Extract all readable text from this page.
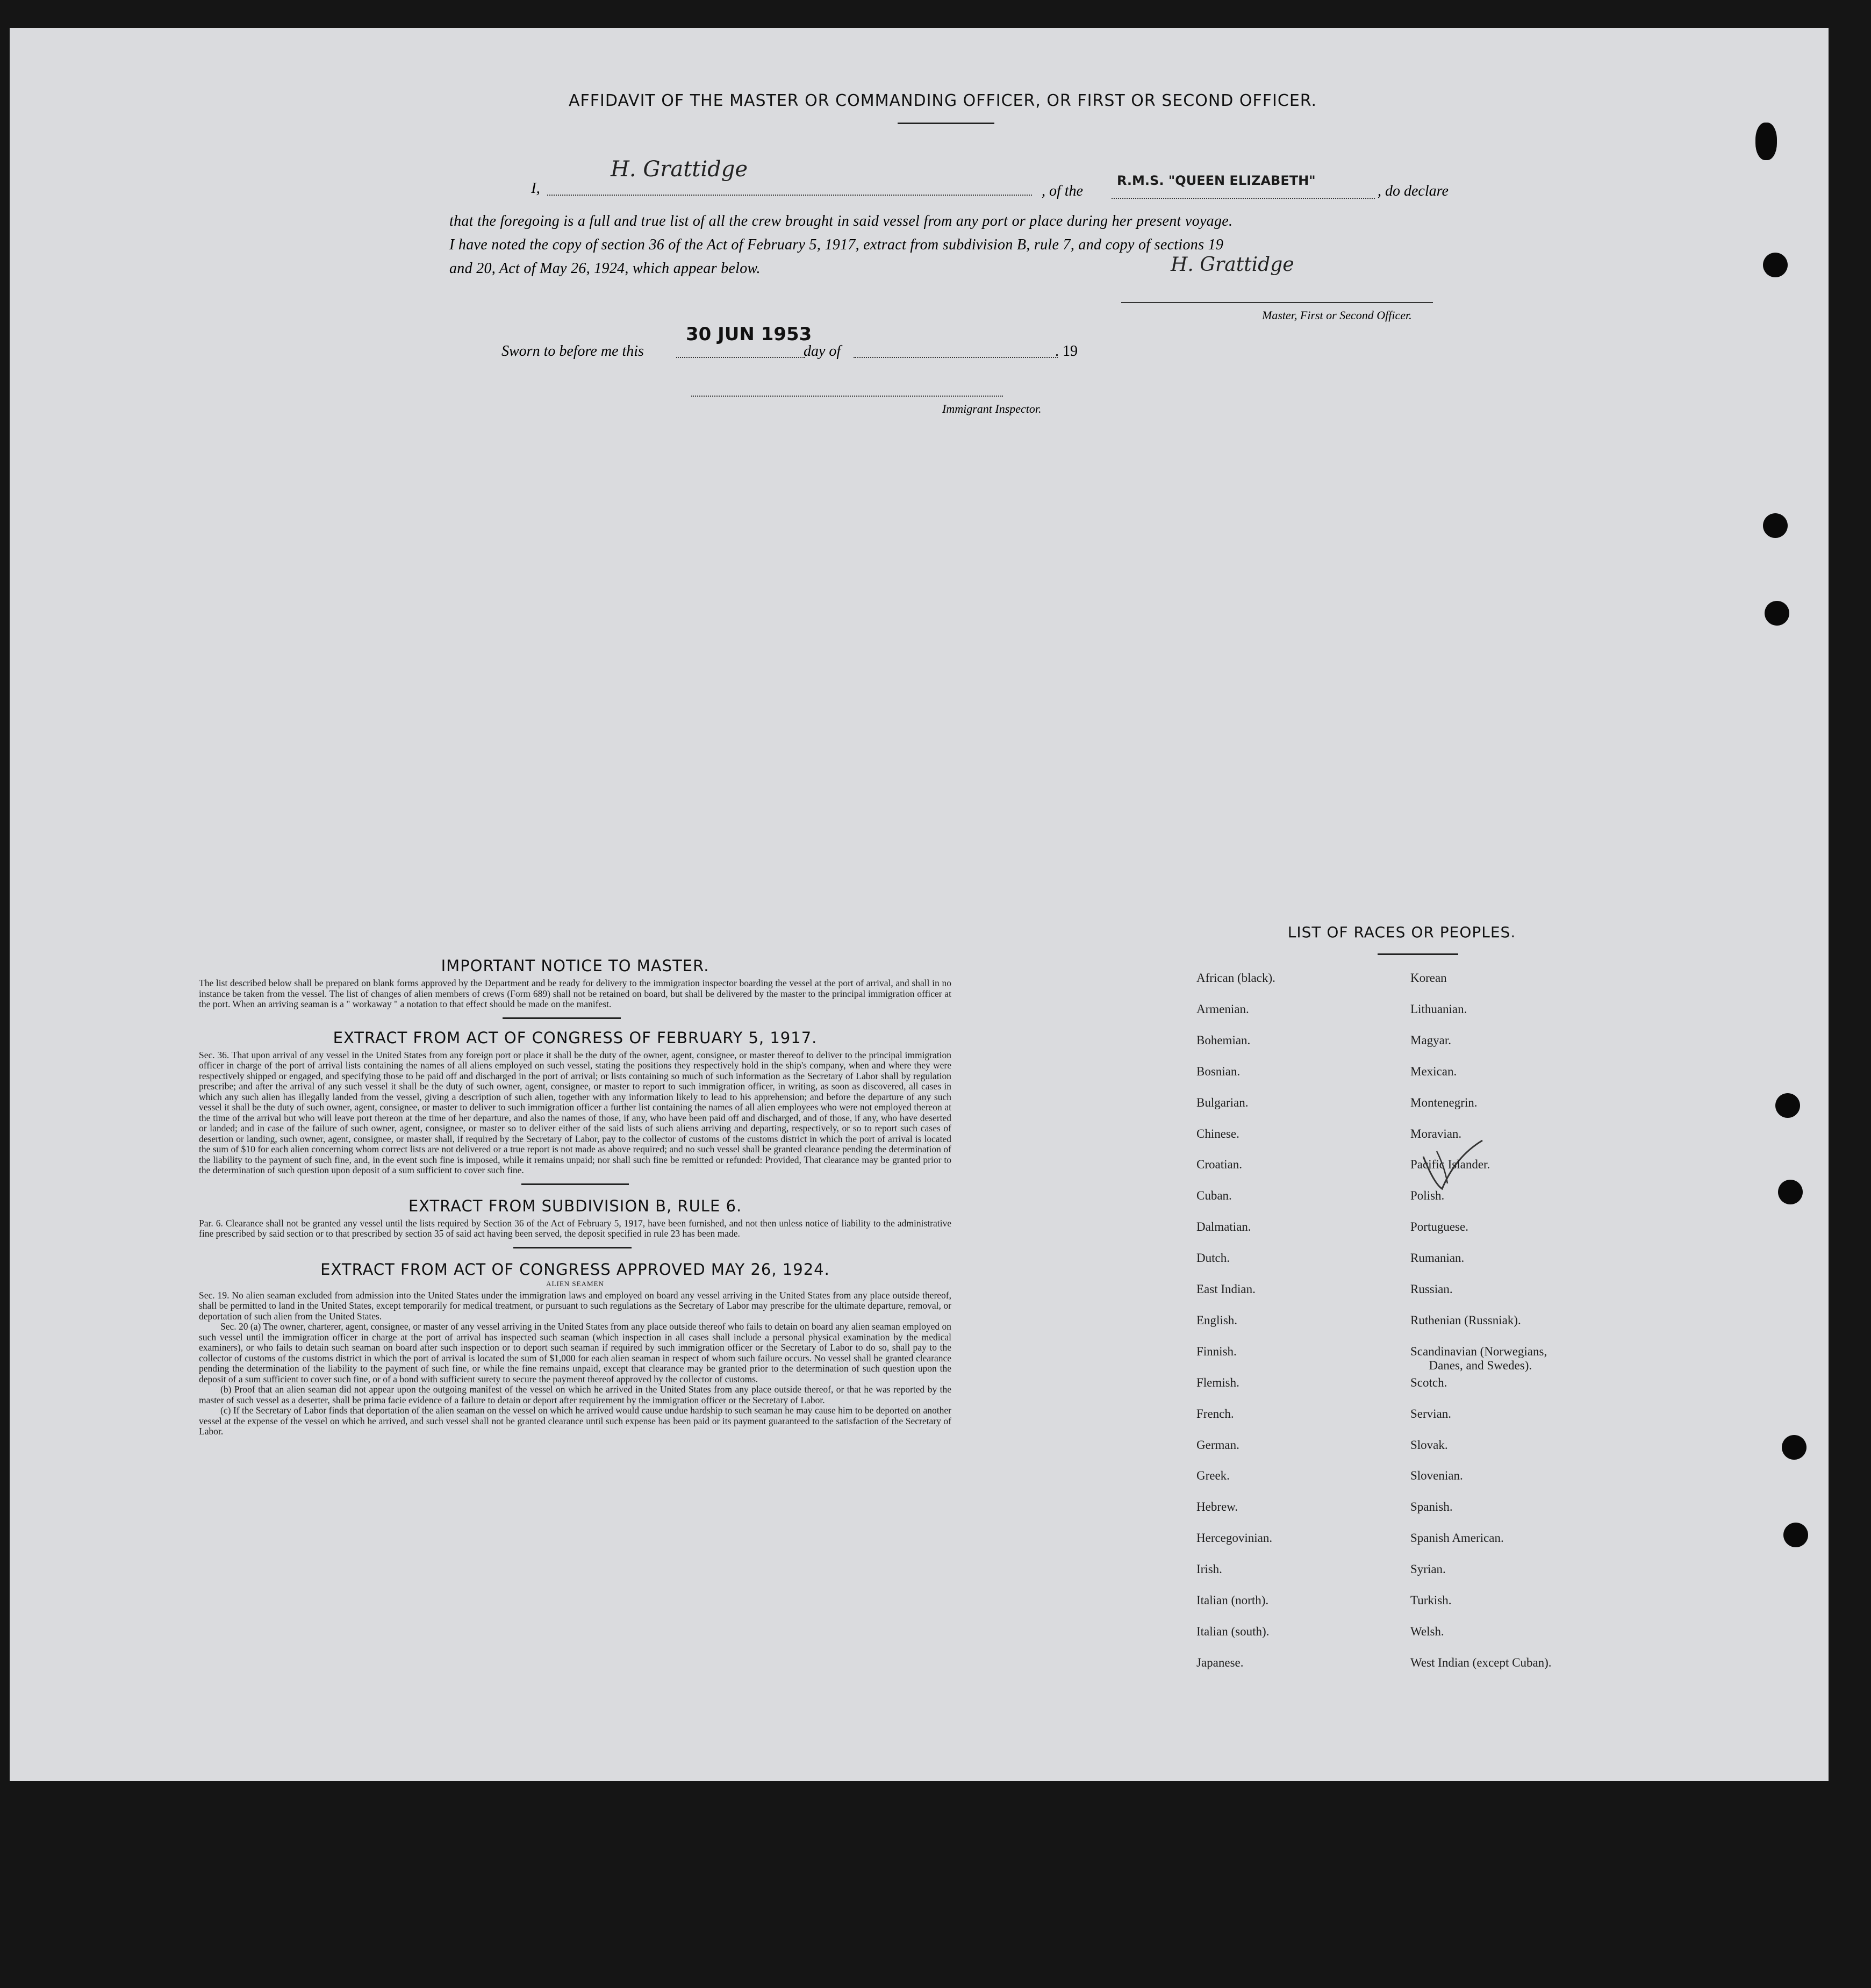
AFFIDAVIT OF THE MASTER OR COMMANDING OFFICER, OR FIRST OR SECOND OFFICER.
I,
H. Grattidge
, of the
R.M.S. "QUEEN ELIZABETH"
, do declare
that the foregoing is a full and true list of all the crew brought in said vessel from any port or place during her present voyage.
I have noted the copy of section 36 of the Act of February 5, 1917, extract from subdivision B, rule 7, and copy of sections 19
and 20, Act of May 26, 1924, which appear below.	H. Grattidge
Master, First or Second Officer.
Sworn to before me this
30 JUN 1953
day of	. 19
Immigrant Inspector.
IMPORTANT NOTICE TO MASTER.
The list described below shall be prepared on blank forms approved by the Department and be ready for delivery to the immigration inspector boarding the vessel at the port of arrival, and shall in no instance be taken from the vessel. The list of changes of alien members of crews (Form 689) shall not be retained on board, but shall be delivered by the master to the principal immigration officer at the port. When an arriving seaman is a " workaway " a notation to that effect should be made on the manifest.
EXTRACT FROM ACT OF CONGRESS OF FEBRUARY 5, 1917.
Sec. 36. That upon arrival of any vessel in the United States from any foreign port or place it shall be the duty of the owner, agent, consignee, or master thereof to deliver to the principal immigration officer in charge of the port of arrival lists containing the names of all aliens employed on such vessel, stating the positions they respectively hold in the ship's company, when and where they were respectively shipped or engaged, and specifying those to be paid off and discharged in the port of arrival; or lists containing so much of such information as the Secretary of Labor shall by regulation prescribe; and after the arrival of any such vessel it shall be the duty of such owner, agent, consignee, or master to report to such immigration officer, in writing, as soon as discovered, all cases in which any such alien has illegally landed from the vessel, giving a description of such alien, together with any information likely to lead to his apprehension; and before the departure of any such vessel it shall be the duty of such owner, agent, consignee, or master to deliver to such immigration officer a further list containing the names of all alien employees who were not employed thereon at the time of the arrival but who will leave port thereon at the time of her departure, and also the names of those, if any, who have been paid off and discharged, and of those, if any, who have deserted or landed; and in case of the failure of such owner, agent, consignee, or master so to deliver either of the said lists of such aliens arriving and departing, respectively, or so to report such cases of desertion or landing, such owner, agent, consignee, or master shall, if required by the Secretary of Labor, pay to the collector of customs of the customs district in which the port of arrival is located the sum of $10 for each alien concerning whom correct lists are not delivered or a true report is not made as above required; and no such vessel shall be granted clearance pending the determination of the liability to the payment of such fine, and, in the event such fine is imposed, while it remains unpaid; nor shall such fine be remitted or refunded: Provided, That clearance may be granted prior to the determination of such question upon deposit of a sum sufficient to cover such fine.
EXTRACT FROM SUBDIVISION B, RULE 6.
Par. 6. Clearance shall not be granted any vessel until the lists required by Section 36 of the Act of February 5, 1917, have been furnished, and not then unless notice of liability to the administrative fine prescribed by said section or to that prescribed by section 35 of said act having been served, the deposit specified in rule 23 has been made.
EXTRACT FROM ACT OF CONGRESS APPROVED MAY 26, 1924.
ALIEN SEAMEN
Sec. 19. No alien seaman excluded from admission into the United States under the immigration laws and employed on board any vessel arriving in the United States from any place outside thereof, shall be permitted to land in the United States, except temporarily for medical treatment, or pursuant to such regulations as the Secretary of Labor may prescribe for the ultimate departure, removal, or deportation of such alien from the United States.
Sec. 20 (a) The owner, charterer, agent, consignee, or master of any vessel arriving in the United States from any place outside thereof who fails to detain on board any alien seaman employed on such vessel until the immigration officer in charge at the port of arrival has inspected such seaman (which inspection in all cases shall include a personal physical examination by the medical examiners), or who fails to detain such seaman on board after such inspection or to deport such seaman if required by such immigration officer or the Secretary of Labor to do so, shall pay to the collector of customs of the customs district in which the port of arrival is located the sum of $1,000 for each alien seaman in respect of whom such failure occurs. No vessel shall be granted clearance pending the determination of the liability to the payment of such fine, or while the fine remains unpaid, except that clearance may be granted prior to the determination of such question upon the deposit of a sum sufficient to cover such fine, or of a bond with sufficient surety to secure the payment thereof approved by the collector of customs.
(b) Proof that an alien seaman did not appear upon the outgoing manifest of the vessel on which he arrived in the United States from any place outside thereof, or that he was reported by the master of such vessel as a deserter, shall be prima facie evidence of a failure to detain or deport after requirement by the immigration officer or the Secretary of Labor.
(c) If the Secretary of Labor finds that deportation of the alien seaman on the vessel on which he arrived would cause undue hardship to such seaman he may cause him to be deported on another vessel at the expense of the vessel on which he arrived, and such vessel shall not be granted clearance until such expense has been paid or its payment guaranteed to the satisfaction of the Secretary of Labor.
LIST OF RACES OR PEOPLES.
African (black).
Armenian.
Bohemian.
Bosnian.
Bulgarian.
Chinese.
Croatian.
Cuban.
Dalmatian.
Dutch.
East Indian.
English.
Finnish.
Flemish.
French.
German.
Greek.
Hebrew.
Hercegovinian.
Irish.
Italian (north).
Italian (south).
Japanese.
Korean
Lithuanian.
Magyar.
Mexican.
Montenegrin.
Moravian.
Pacific Islander.
Polish.
Portuguese.
Rumanian.
Russian.
Ruthenian (Russniak).
Scandinavian (Norwegians,
Danes, and Swedes).
Scotch.
Servian.
Slovak.
Slovenian.
Spanish.
Spanish American.
Syrian.
Turkish.
Welsh.
West Indian (except Cuban).
